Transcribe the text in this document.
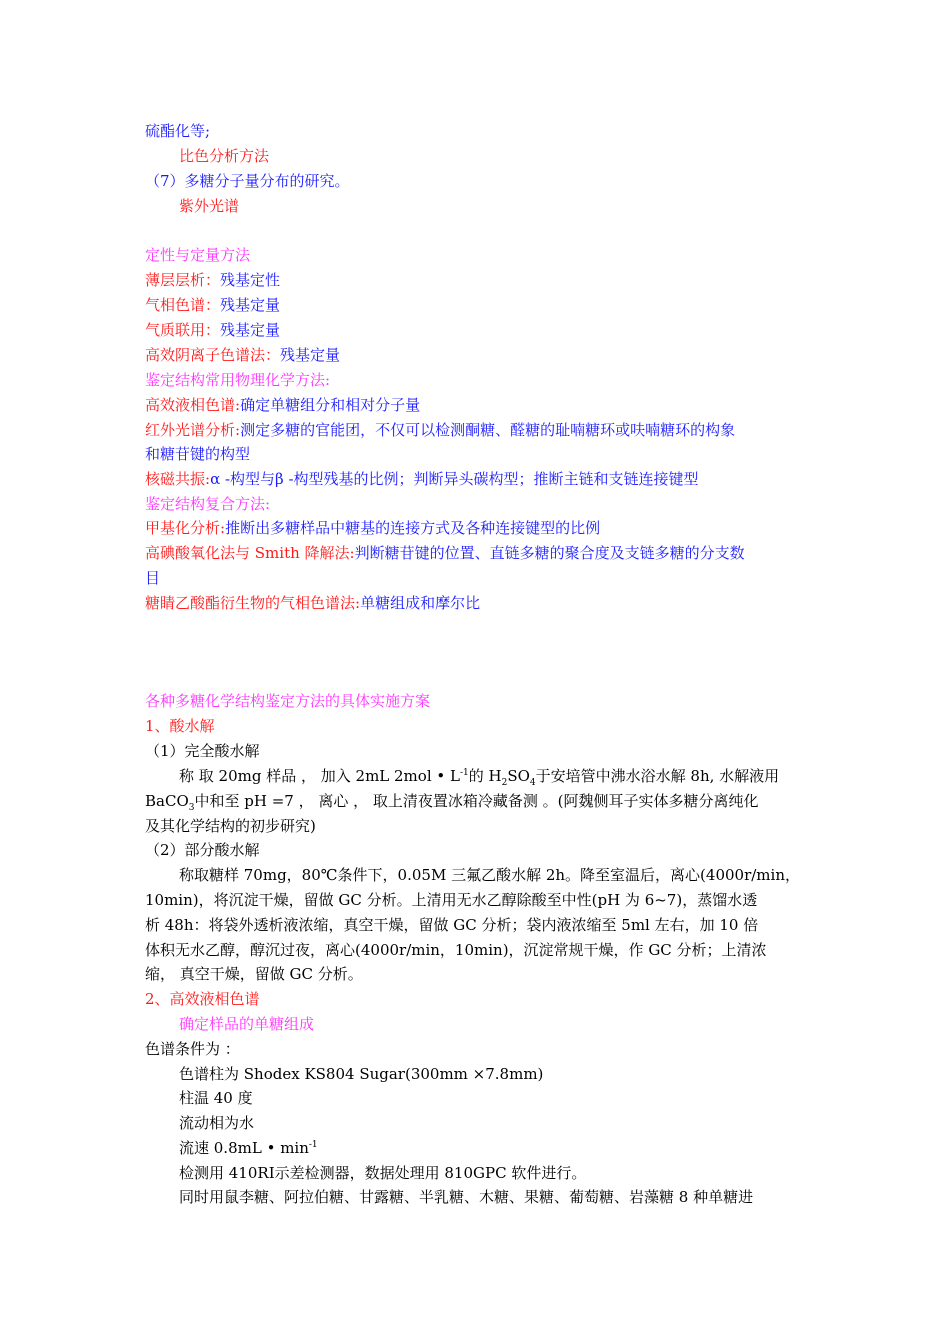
硫酯化等;
比色分析方法
（7）多糖分子量分布的研究。
紫外光谱
定性与定量方法
薄层层析：残基定性
气相色谱：残基定量
气质联用：残基定量
高效阴离子色谱法：残基定量
鉴定结构常用物理化学方法:
高效液相色谱:确定单糖组分和相对分子量
红外光谱分析:测定多糖的官能团，不仅可以检测酮糖、醛糖的耻喃糖环或呋喃糖环的构象
和糖苷键的构型
核磁共振:α -构型与β -构型残基的比例；判断异头碳构型；推断主链和支链连接键型
鉴定结构复合方法:
甲基化分析:推断出多糖样品中糖基的连接方式及各种连接键型的比例
高碘酸氧化法与 Smith 降解法:判断糖苷键的位置、直链多糖的聚合度及支链多糖的分支数
目
糖睛乙酸酯衍生物的气相色谱法:单糖组成和摩尔比
各种多糖化学结构鉴定方法的具体实施方案
1、酸水解
（1）完全酸水解
称 取 20mg 样品 ， 加入 2mL 2mol • $L^{-1}$的 $H_2SO_4$于安培管中沸水浴水解 8h, 水解液用
BaCO$_3$中和至 pH =7 ， 离心 ， 取上清夜置冰箱冷藏备测 。(阿魏侧耳子实体多糖分离纯化
及其化学结构的初步研究)
（2）部分酸水解
称取糖样 70mg，80℃条件下，0.05M 三氟乙酸水解 2h。降至室温后，离心(4000r/min，
10min)，将沉淀干燥，留做 GC 分析。上清用无水乙醇除酸至中性(pH 为 6~7)，蒸馏水透
析 48h：将袋外透析液浓缩，真空干燥，留做 GC 分析；袋内液浓缩至 5ml 左右，加 10 倍
体积无水乙醇，醇沉过夜，离心(4000r/min，10min)，沉淀常规干燥，作 GC 分析；上清浓
缩， 真空干燥，留做 GC 分析。
2、高效液相色谱
确定样品的单糖组成
色谱条件为 ：
色谱柱为 Shodex KS804 Sugar(300mm ×7.8mm)
柱温 40 度
流动相为水
流速 0.8mL • $\min^{-1}$
检测用 410RⅠ示差检测器，数据处理用 810GPC 软件进行。
同时用鼠李糖、阿拉伯糖、甘露糖、半乳糖、木糖、果糖、葡萄糖、岩藻糖 8 种单糖进
